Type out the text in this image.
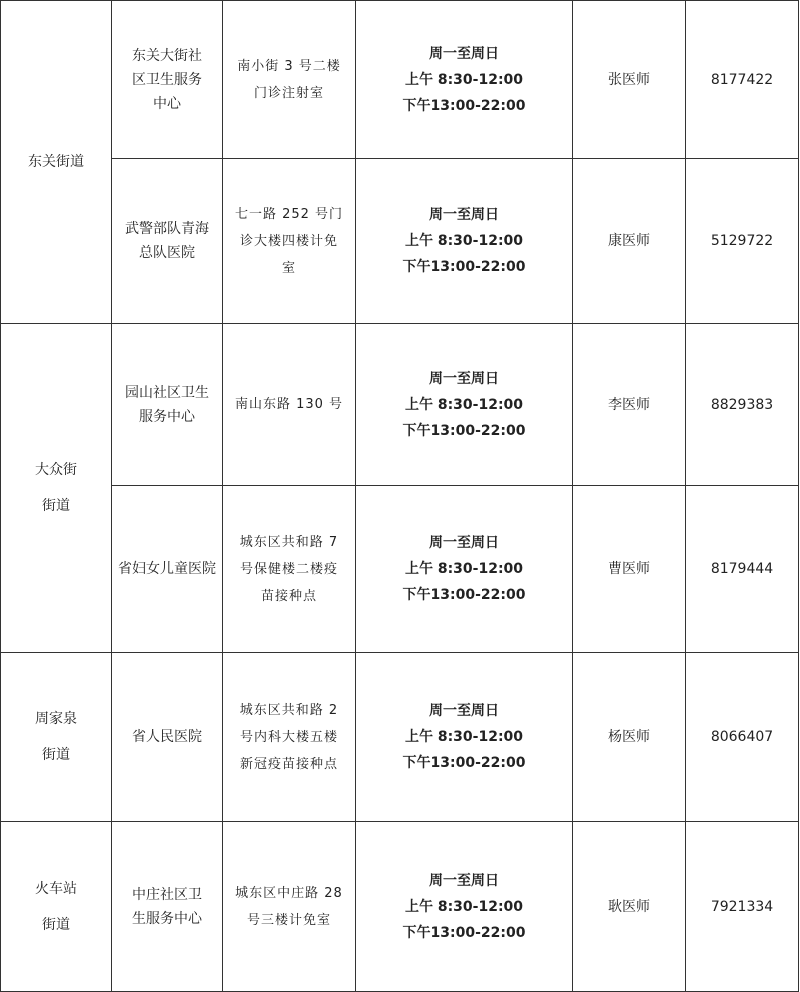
东关街道	东关大街社
区卫生服务
中心	南小街 3 号二楼
门诊注射室	周一至周日
上午 8:30-12:00
下午13:00-22:00	张医师	8177422

	武警部队青海
总队医院	七一路 252 号门
诊大楼四楼计免
室	周一至周日
上午 8:30-12:00
下午13:00-22:00	康医师	5129722

大众街
街道	园山社区卫生
服务中心	南山东路 130 号	周一至周日
上午 8:30-12:00
下午13:00-22:00	李医师	8829383

	省妇女儿童医院	城东区共和路 7
号保健楼二楼疫
苗接种点	周一至周日
上午 8:30-12:00
下午13:00-22:00	曹医师	8179444

周家泉
街道	省人民医院	城东区共和路 2
号内科大楼五楼
新冠疫苗接种点	周一至周日
上午 8:30-12:00
下午13:00-22:00	杨医师	8066407

火车站
街道	中庄社区卫
生服务中心	城东区中庄路 28
号三楼计免室	周一至周日
上午 8:30-12:00
下午13:00-22:00	耿医师	7921334
